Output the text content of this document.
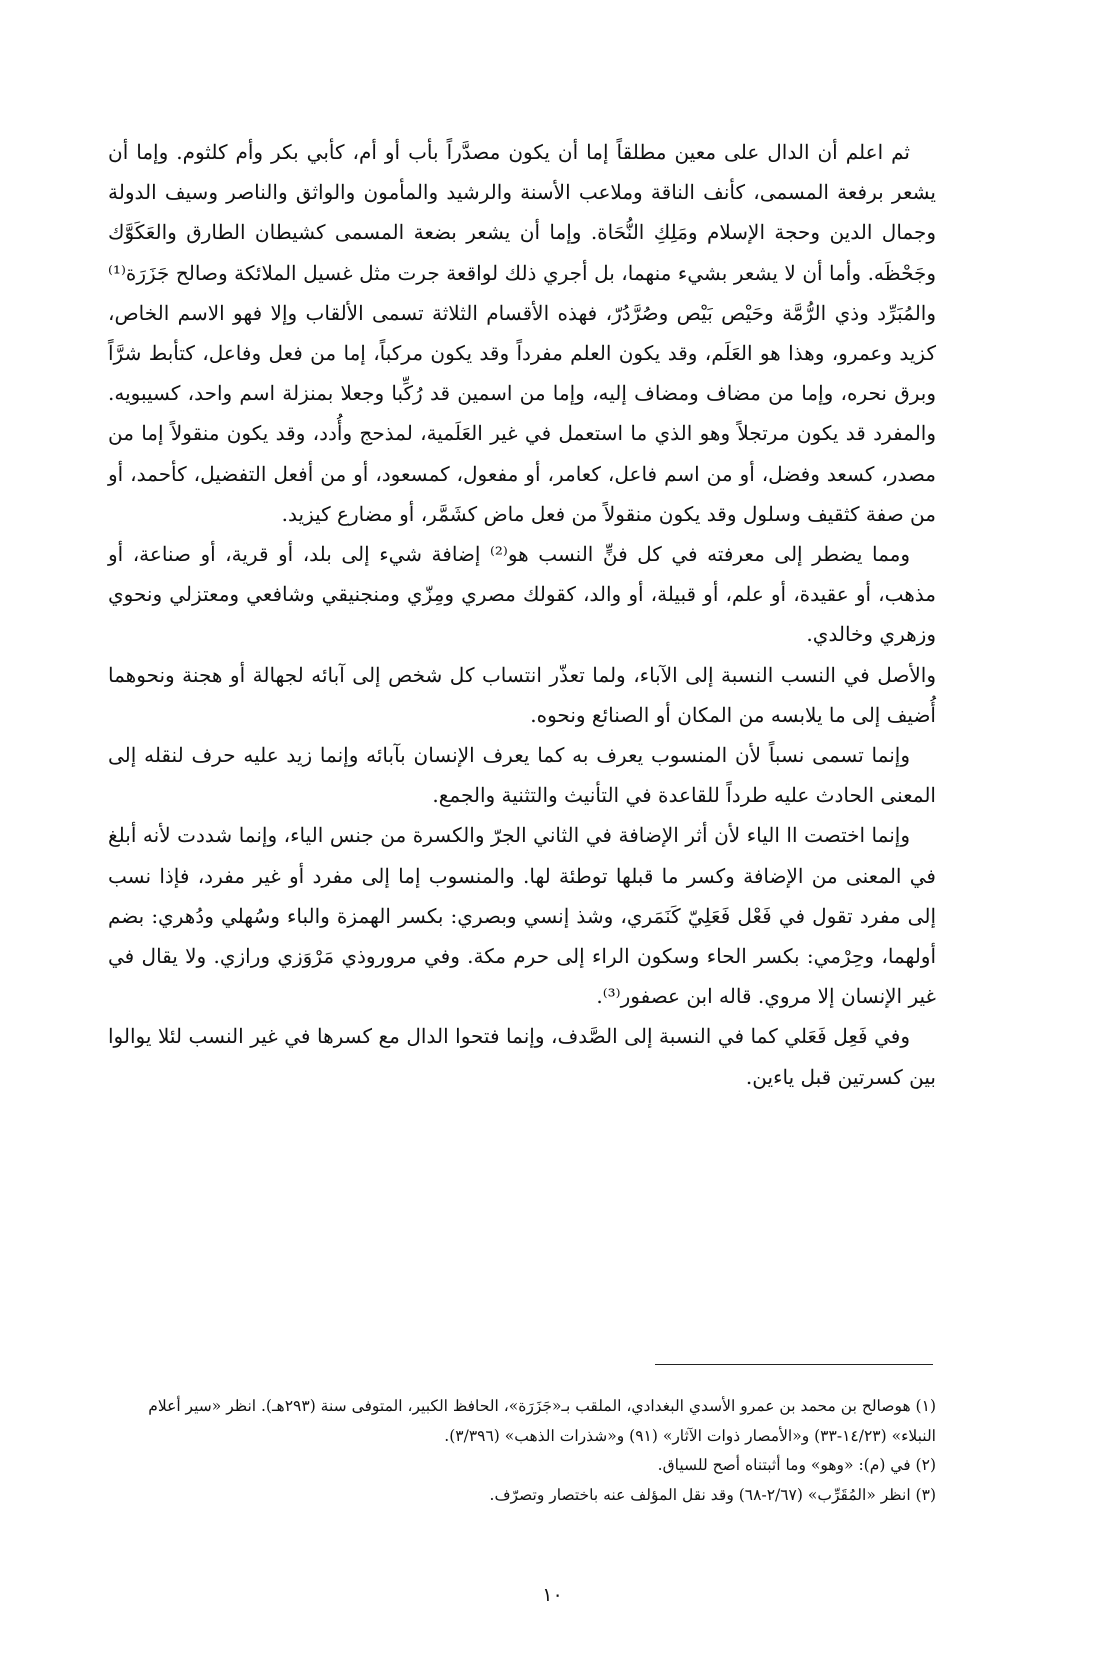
ثم اعلم أن الدال على معين مطلقاً إما أن يكون مصدَّراً بأب أو أم، كأبي بكر وأم كلثوم. وإما أن يشعر برفعة المسمى، كأنف الناقة وملاعب الأسنة والرشيد والمأمون والواثق والناصر وسيف الدولة وجمال الدين وحجة الإسلام ومَلِكِ النُّحَاة. وإما أن يشعر بضعة المسمى كشيطان الطارق والعَكَوَّك وجَحْظَه. وأما أن لا يشعر بشيء منهما، بل أجري ذلك لواقعة جرت مثل غسيل الملائكة وصالح جَزَرَة⁽¹⁾ والمُبَرِّد وذي الرُّمَّة وحَيْص بَيْص وصُرَّدُرّ، فهذه الأقسام الثلاثة تسمى الألقاب وإلا فهو الاسم الخاص، كزيد وعمرو، وهذا هو العَلَم، وقد يكون العلم مفرداً وقد يكون مركباً، إما من فعل وفاعل، كتأبط شرَّاً وبرق نحره، وإما من مضاف ومضاف إليه، وإما من اسمين قد رُكِّبا وجعلا بمنزلة اسم واحد، كسيبويه. والمفرد قد يكون مرتجلاً وهو الذي ما استعمل في غير العَلَمية، لمذحج وأُدد، وقد يكون منقولاً إما من مصدر، كسعد وفضل، أو من اسم فاعل، كعامر، أو مفعول، كمسعود، أو من أفعل التفضيل، كأحمد، أو من صفة كثقيف وسلول وقد يكون منقولاً من فعل ماض كشَمَّر، أو مضارع كيزيد.

ومما يضطر إلى معرفته في كل فنٍّ النسب هو⁽²⁾ إضافة شيء إلى بلد، أو قرية، أو صناعة، أو مذهب، أو عقيدة، أو علم، أو قبيلة، أو والد، كقولك مصري ومِزّي ومنجنيقي وشافعي ومعتزلي ونحوي وزهري وخالدي.

والأصل في النسب النسبة إلى الآباء، ولما تعذّر انتساب كل شخص إلى آبائه لجهالة أو هجنة ونحوهما أُضيف إلى ما يلابسه من المكان أو الصنائع ونحوه.

وإنما تسمى نسباً لأن المنسوب يعرف به كما يعرف الإنسان بآبائه وإنما زيد عليه حرف لنقله إلى المعنى الحادث عليه طرداً للقاعدة في التأنيث والتثنية والجمع.

وإنما اختصت اا الياء لأن أثر الإضافة في الثاني الجرّ والكسرة من جنس الياء، وإنما شددت لأنه أبلغ في المعنى من الإضافة وكسر ما قبلها توطئة لها. والمنسوب إما إلى مفرد أو غير مفرد، فإذا نسب إلى مفرد تقول في فَعْل فَعَلِيّ كَنَمَري، وشذ إنسي وبصري: بكسر الهمزة والباء وسُهلي ودُهري: بضم أولهما، وحِرْمي: بكسر الحاء وسكون الراء إلى حرم مكة. وفي مروروذي مَرْوَزي ورازي. ولا يقال في غير الإنسان إلا مروي. قاله ابن عصفور⁽³⁾.

وفي فَعِل فَعَلي كما في النسبة إلى الصَّدف، وإنما فتحوا الدال مع كسرها في غير النسب لئلا يوالوا بين كسرتين قبل ياءين.

(١) هوصالح بن محمد بن عمرو الأسدي البغدادي، الملقب بـ«جَزَرَة»، الحافظ الكبير، المتوفى سنة (٢٩٣هـ). انظر «سير أعلام النبلاء» (١٤/٢٣-٣٣) و«الأمصار ذوات الآثار» (٩١) و«شذرات الذهب» (٣/٣٩٦).

(٢) في (م): «وهو» وما أثبتناه أصح للسياق.

(٣) انظر «المُقَرِّب» (٢/٦٧-٦٨) وقد نقل المؤلف عنه باختصار وتصرّف.

١٠
